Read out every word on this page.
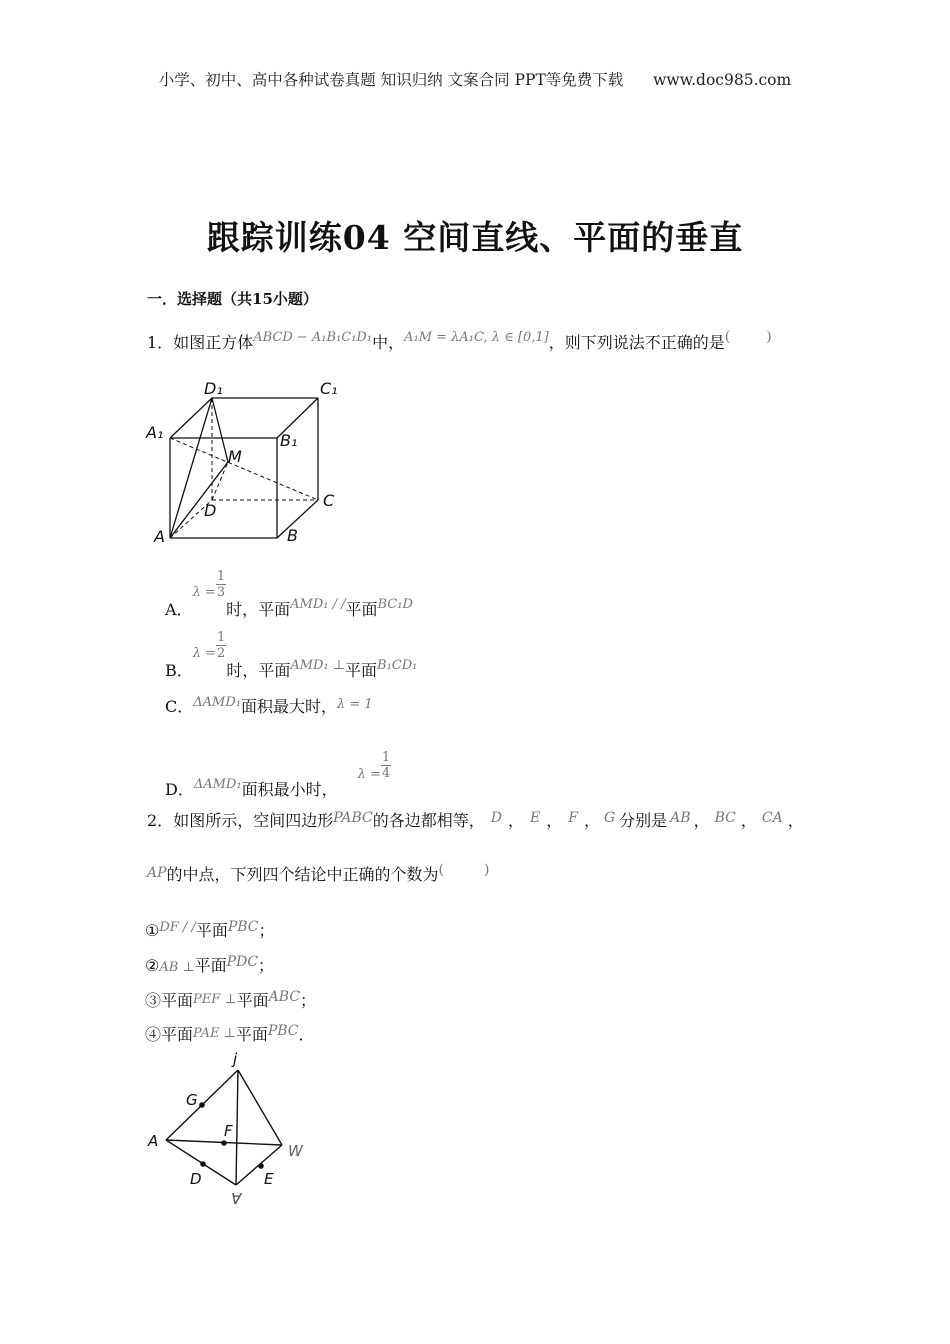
小学、初中、高中各种试卷真题 知识归纳 文案合同 PPT等免费下载 www.doc985.com
跟踪训练04 空间直线、平面的垂直
一．选择题（共15小题）
1．如图正方体$^{ABCD - A_1B_1C_1D_1}$中，$^{A_1M = \lambda A_1C, \lambda \in [0,1]}$，则下列说法不正确的是(	)
D₁	C₁
A₁	B₁
M
C
D
A	B
A．$_{\lambda =} \frac{1}{3}$
时，平面$_{AMD_1 / /}$平面$_{BC_1D}$
B．$_{\lambda =} \frac{1}{2}$
时，平面$_{AMD_1 \perp}$平面$_{B_1CD_1}$
C．$^{\Delta AMD_1}$面积最大时，$^{\lambda = 1}$
D．$_{\Delta AMD_1}$面积最小时，$_{\lambda =} \frac{1}{4}$
2．如图所示，空间四边形PABC的各边都相等， D ， E ， F ， G 分别是 AB ， BC ， CA ，
AP的中点，下列四个结论中正确的个数为(	)
①$^{DF / /}$平面PBC；
②AB ⊥平面PDC；
③平面PEF ⊥平面ABC；
④平面PAE ⊥平面PBC．
j
G
F
A
W
D	E
Ɐ
